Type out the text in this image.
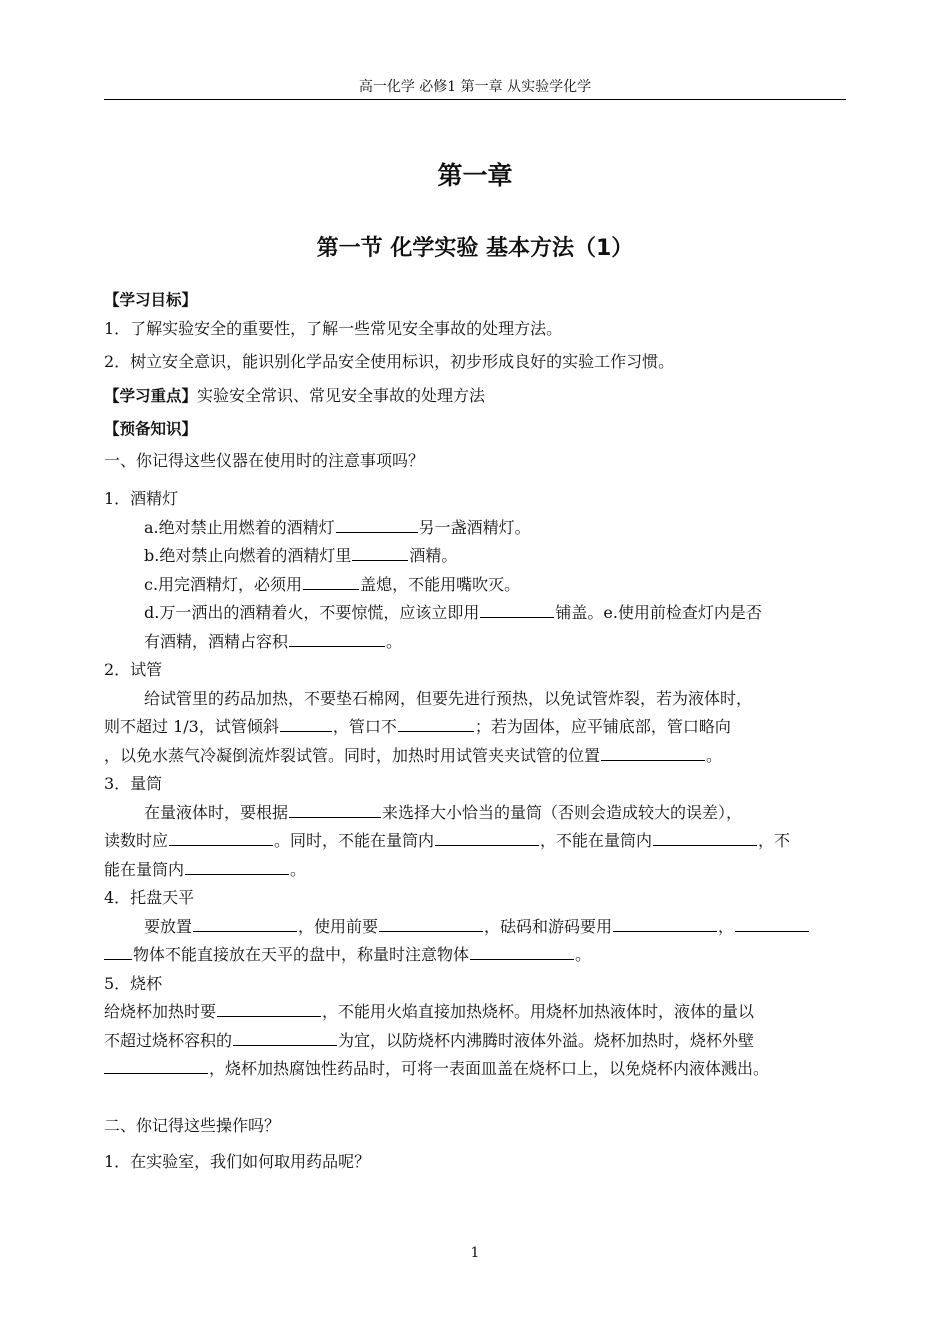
高一化学 必修1 第一章 从实验学化学
第一章
第一节 化学实验 基本方法（1）
【学习目标】
1．了解实验安全的重要性，了解一些常见安全事故的处理方法。
2．树立安全意识，能识别化学品安全使用标识，初步形成良好的实验工作习惯。
【学习重点】实验安全常识、常见安全事故的处理方法
【预备知识】
一、你记得这些仪器在使用时的注意事项吗？
1．酒精灯
a.绝对禁止用燃着的酒精灯	另一盏酒精灯。
b.绝对禁止向燃着的酒精灯里	酒精。
c.用完酒精灯，必须用	盖熄，不能用嘴吹灭。
d.万一洒出的酒精着火，不要惊慌，应该立即用	铺盖。e.使用前检查灯内是否
有酒精，酒精占容积	。
2．试管
给试管里的药品加热，不要垫石棉网，但要先进行预热，以免试管炸裂，若为液体时，
则不超过 1/3，试管倾斜	，管口不	；若为固体，应平铺底部，管口略向
，以免水蒸气冷凝倒流炸裂试管。同时，加热时用试管夹夹试管的位置	。
3．量筒
在量液体时，要根据	来选择大小恰当的量筒（否则会造成较大的误差），
读数时应	。同时，不能在量筒内	，不能在量筒内	，不
能在量筒内	。
4．托盘天平
要放置	，使用前要	，砝码和游码要用	，
物体不能直接放在天平的盘中，称量时注意物体	。
5．烧杯
给烧杯加热时要	，不能用火焰直接加热烧杯。用烧杯加热液体时，液体的量以
不超过烧杯容积的	为宜，以防烧杯内沸腾时液体外溢。烧杯加热时，烧杯外壁
，烧杯加热腐蚀性药品时，可将一表面皿盖在烧杯口上，以免烧杯内液体溅出。
二、你记得这些操作吗？
1．在实验室，我们如何取用药品呢？
1
